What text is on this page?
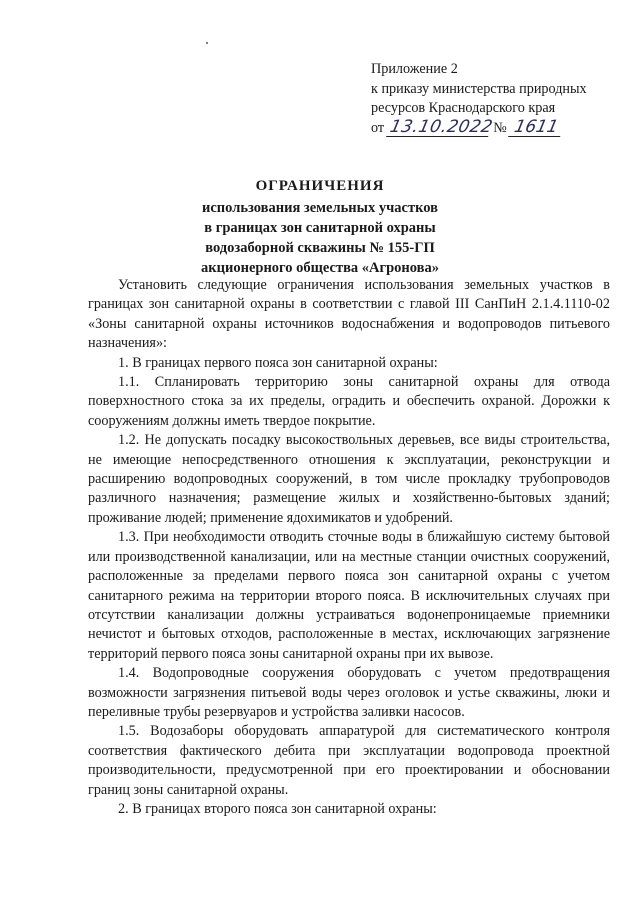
Приложение 2
к приказу министерства природных
ресурсов Краснодарского края
от 13.10.2022 № 1611
ОГРАНИЧЕНИЯ
использования земельных участков
в границах зон санитарной охраны
водозаборной скважины № 155-ГП
акционерного общества «Агронова»

Установить следующие ограничения использования земельных участков в границах зон санитарной охраны в соответствии с главой III СанПиН 2.1.4.1110-02 «Зоны санитарной охраны источников водоснабжения и водопроводов питьевого назначения»:

1. В границах первого пояса зон санитарной охраны:

1.1. Спланировать территорию зоны санитарной охраны для отвода поверхностного стока за их пределы, оградить и обеспечить охраной. Дорожки к сооружениям должны иметь твердое покрытие.

1.2. Не допускать посадку высокоствольных деревьев, все виды строительства, не имеющие непосредственного отношения к эксплуатации, реконструкции и расширению водопроводных сооружений, в том числе прокладку трубопроводов различного назначения; размещение жилых и хозяйственно-бытовых зданий; проживание людей; применение ядохимикатов и удобрений.

1.3. При необходимости отводить сточные воды в ближайшую систему бытовой или производственной канализации, или на местные станции очистных сооружений, расположенные за пределами первого пояса зон санитарной охраны с учетом санитарного режима на территории второго пояса. В исключительных случаях при отсутствии канализации должны устраиваться водонепроницаемые приемники нечистот и бытовых отходов, расположенные в местах, исключающих загрязнение территорий первого пояса зоны санитарной охраны при их вывозе.

1.4. Водопроводные сооружения оборудовать с учетом предотвращения возможности загрязнения питьевой воды через оголовок и устье скважины, люки и переливные трубы резервуаров и устройства заливки насосов.

1.5. Водозаборы оборудовать аппаратурой для систематического контроля соответствия фактического дебита при эксплуатации водопровода проектной производительности, предусмотренной при его проектировании и обосновании границ зоны санитарной охраны.

2. В границах второго пояса зон санитарной охраны:
